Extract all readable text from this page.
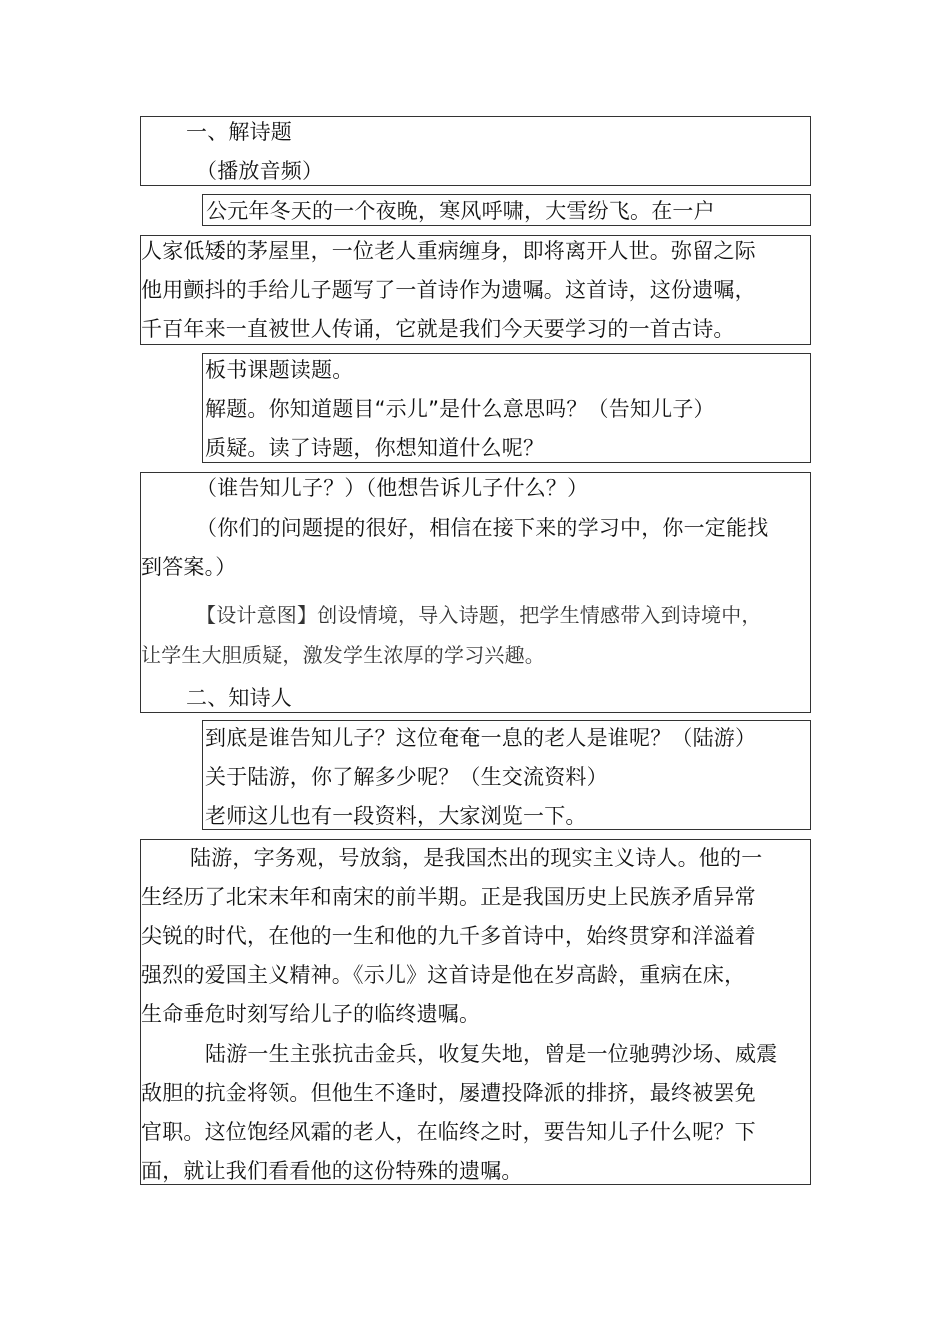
一、解诗题
（播放音频）
公元年冬天的一个夜晚，寒风呼啸，大雪纷飞。在一户
人家低矮的茅屋里，一位老人重病缠身，即将离开人世。弥留之际
他用颤抖的手给儿子题写了一首诗作为遗嘱。这首诗，这份遗嘱，
千百年来一直被世人传诵，它就是我们今天要学习的一首古诗。
板书课题读题。
解题。你知道题目“示儿”是什么意思吗？（告知儿子）
质疑。读了诗题，你想知道什么呢？
（谁告知儿子？）（他想告诉儿子什么？）
（你们的问题提的很好，相信在接下来的学习中，你一定能找
到答案。）
【设计意图】创设情境，导入诗题，把学生情感带入到诗境中，
让学生大胆质疑，激发学生浓厚的学习兴趣。
二、知诗人
到底是谁告知儿子？这位奄奄一息的老人是谁呢？（陆游）
关于陆游，你了解多少呢？（生交流资料）
老师这儿也有一段资料，大家浏览一下。
陆游，字务观，号放翁，是我国杰出的现实主义诗人。他的一
生经历了北宋末年和南宋的前半期。正是我国历史上民族矛盾异常
尖锐的时代，在他的一生和他的九千多首诗中，始终贯穿和洋溢着
强烈的爱国主义精神。《示儿》这首诗是他在岁高龄，重病在床，
生命垂危时刻写给儿子的临终遗嘱。
陆游一生主张抗击金兵，收复失地，曾是一位驰骋沙场、威震
敌胆的抗金将领。但他生不逢时，屡遭投降派的排挤，最终被罢免
官职。这位饱经风霜的老人，在临终之时，要告知儿子什么呢？下
面，就让我们看看他的这份特殊的遗嘱。
